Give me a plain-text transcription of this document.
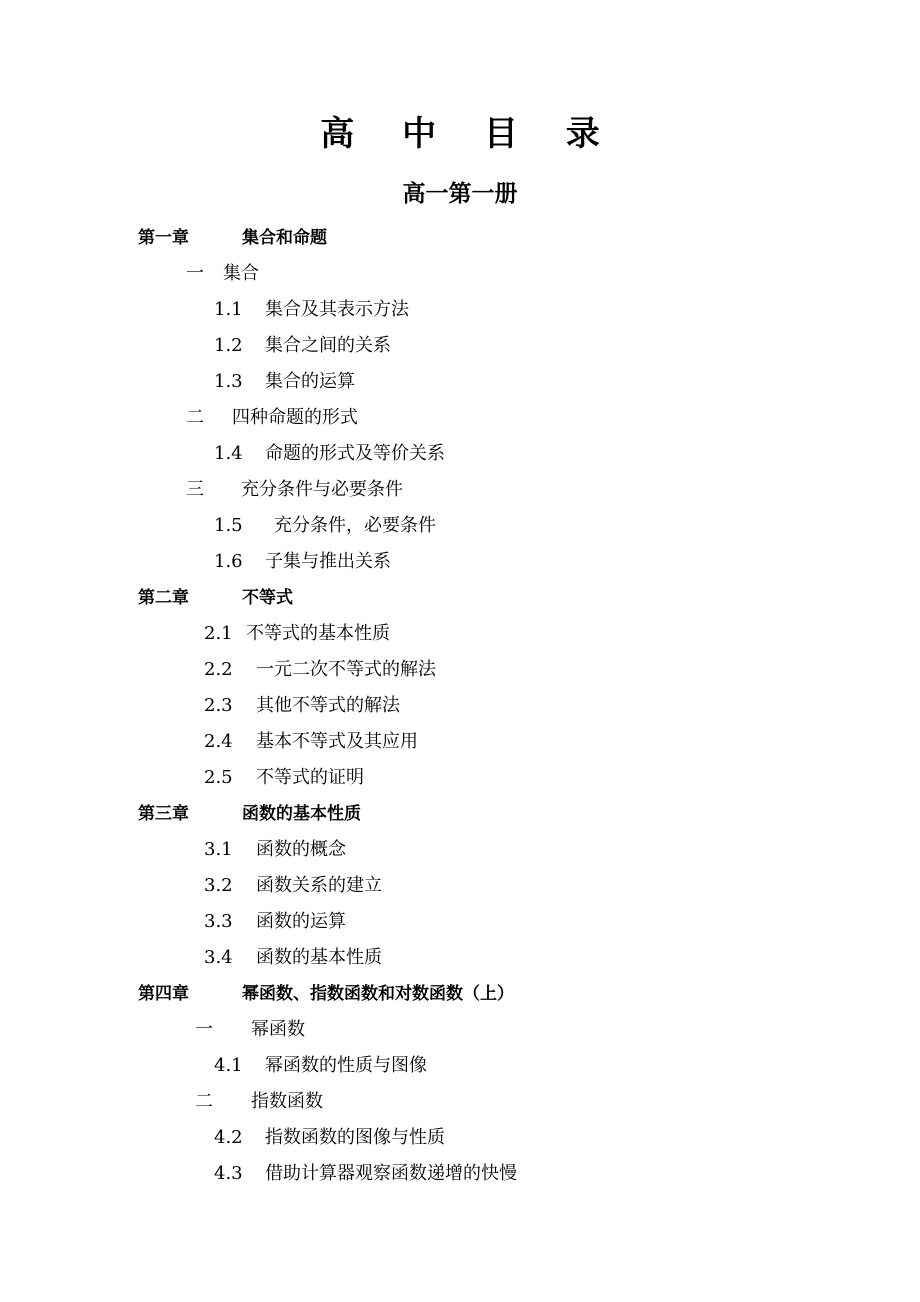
高 中 目 录
高一第一册
第一章	集合和命题
一 集合
1.1 集合及其表示方法
1.2 集合之间的关系
1.3 集合的运算
二 四种命题的形式
1.4 命题的形式及等价关系
三 充分条件与必要条件
1.5 充分条件，必要条件
1.6 子集与推出关系
第二章	不等式
2.1 不等式的基本性质
2.2 一元二次不等式的解法
2.3 其他不等式的解法
2.4 基本不等式及其应用
2.5 不等式的证明
第三章	函数的基本性质
3.1 函数的概念
3.2 函数关系的建立
3.3 函数的运算
3.4 函数的基本性质
第四章	幂函数、指数函数和对数函数（上）
一 幂函数
4.1 幂函数的性质与图像
二 指数函数
4.2 指数函数的图像与性质
4.3 借助计算器观察函数递增的快慢
